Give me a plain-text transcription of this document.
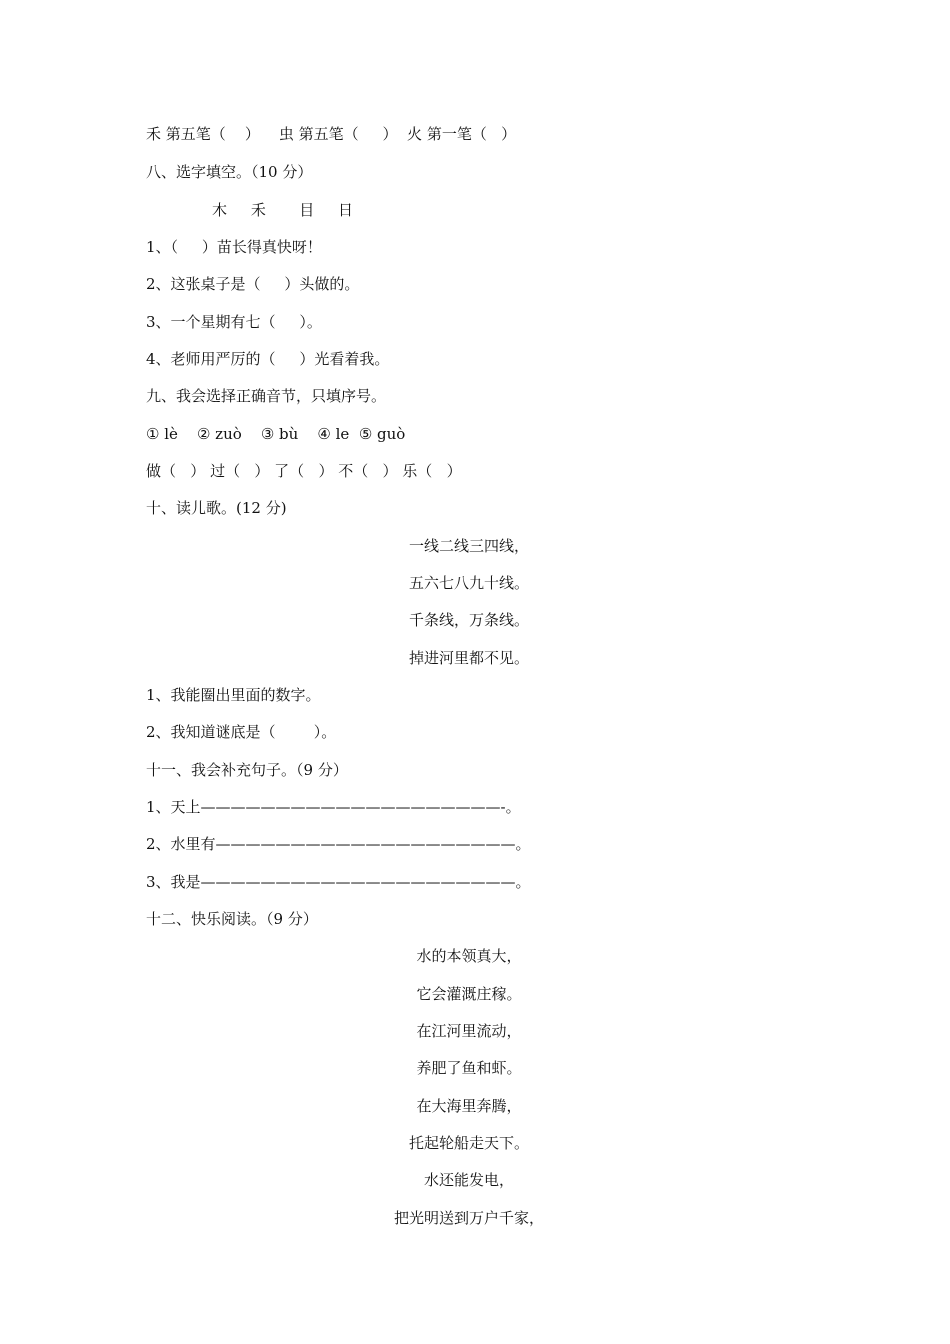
禾 第五笔（    ）    虫 第五笔（     ）  火 第一笔（   ）
八、选字填空。（10 分）
木     禾       目     日
1、（     ）苗长得真快呀！
2、这张桌子是（     ）头做的。
3、一个星期有七（     ）。
4、老师用严厉的（     ）光看着我。
九、我会选择正确音节，只填序号。
① lè    ② zuò    ③ bù    ④ le  ⑤ guò
做（   ） 过（   ） 了（   ） 不（   ） 乐（   ）
十、读儿歌。(12 分)
一线二线三四线，
五六七八九十线。
千条线，万条线。
掉进河里都不见。
1、我能圈出里面的数字。
2、我知道谜底是（        ）。
十一、我会补充句子。（9 分）
1、天上————————————————————-。
2、水里有————————————————————。
3、我是—————————————————————。
十二、快乐阅读。（9 分）
水的本领真大，
它会灌溉庄稼。
在江河里流动，
养肥了鱼和虾。
在大海里奔腾，
托起轮船走天下。
水还能发电，
把光明送到万户千家，
